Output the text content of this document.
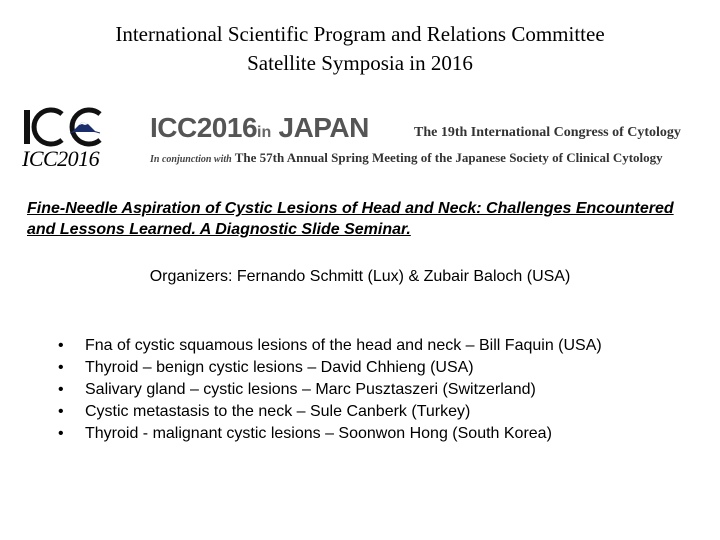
International Scientific Program and Relations Committee
Satellite Symposia in 2016
ICC2016
ICC2016in JAPAN	The 19th International Congress of Cytology
In conjunction with The 57th Annual Spring Meeting of the Japanese Society of Clinical Cytology
Fine-Needle Aspiration of Cystic Lesions of Head and Neck: Challenges Encountered and Lessons Learned. A Diagnostic Slide Seminar.
Organizers: Fernando Schmitt (Lux) & Zubair Baloch (USA)
• Fna of cystic squamous lesions of the head and neck – Bill Faquin (USA)
• Thyroid – benign cystic lesions – David Chhieng (USA)
• Salivary gland – cystic lesions – Marc Pusztaszeri (Switzerland)
• Cystic metastasis to the neck – Sule Canberk (Turkey)
• Thyroid - malignant cystic lesions – Soonwon Hong (South Korea)
